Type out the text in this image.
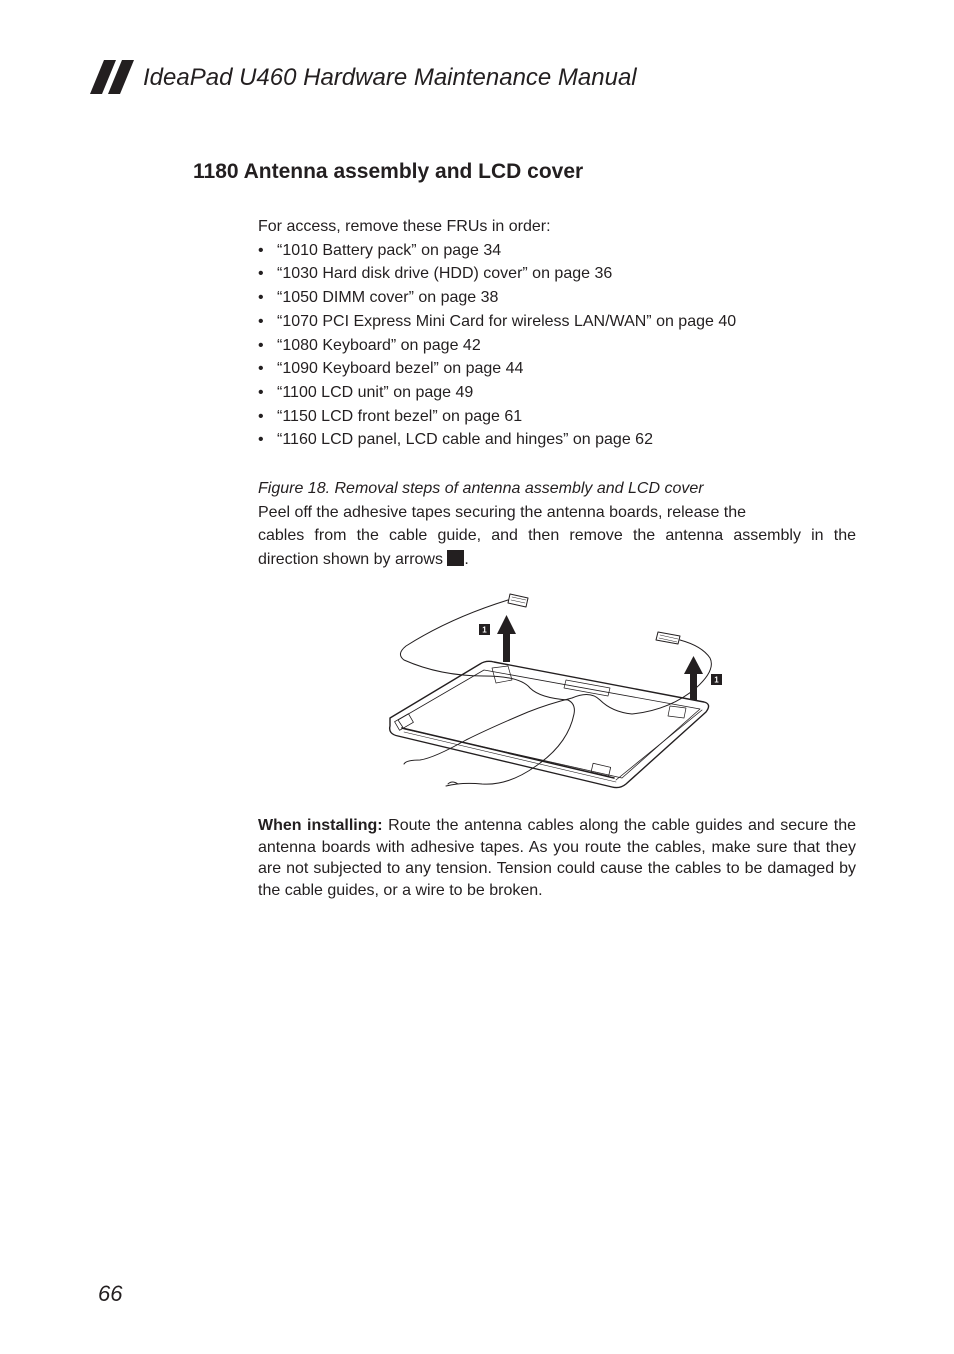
IdeaPad U460 Hardware Maintenance Manual
1180 Antenna assembly and LCD cover
For access, remove these FRUs in order:
• “1010 Battery pack” on page 34
• “1030 Hard disk drive (HDD) cover” on page 36
• “1050 DIMM cover” on page 38
• “1070 PCI Express Mini Card for wireless LAN/WAN” on page 40
• “1080 Keyboard” on page 42
• “1090 Keyboard bezel” on page 44
• “1100 LCD unit” on page 49
• “1150 LCD front bezel” on page 61
• “1160 LCD panel, LCD cable and hinges” on page 62
Figure 18. Removal steps of antenna assembly and LCD cover
Peel off the adhesive tapes securing the antenna boards, release the
cables from the cable guide, and then remove the antenna assembly in the
direction shown by arrows .
1
1

When installing: Route the antenna cables along the cable guides and secure the antenna boards with adhesive tapes. As you route the cables, make sure that they are not subjected to any tension. Tension could cause the cables to be damaged by the cable guides, or a wire to be broken.

66
